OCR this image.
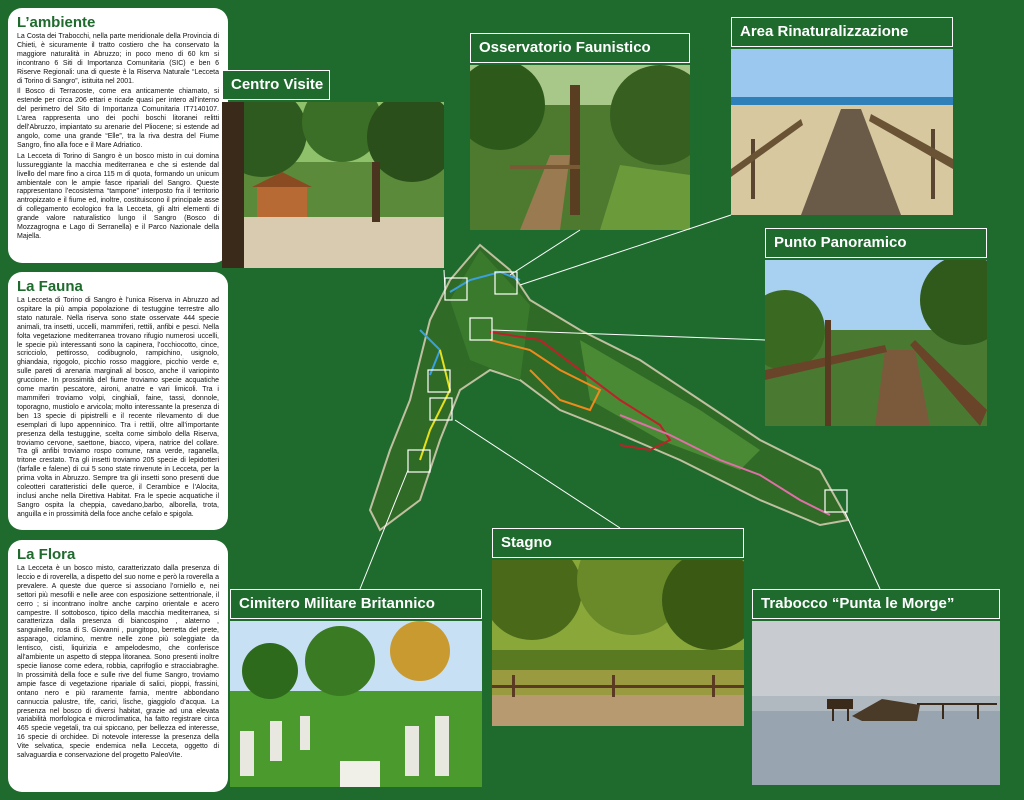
L’ambiente

La Costa dei Trabocchi, nella parte meridionale della Provincia di Chieti, è sicuramente il tratto costiero che ha conservato la maggiore naturalità in Abruzzo; in poco meno di 60 km si incontrano 6 Siti di Importanza Comunitaria (SIC) e ben 6 Riserve Regionali: una di queste è la Riserva Naturale “Lecceta di Torino di Sangro”, istituita nel 2001.

Il Bosco di Terracoste, come era anticamente chiamato, si estende per circa 206 ettari e ricade quasi per intero all’interno del perimetro del Sito di Importanza Comunitaria IT7140107. L’area rappresenta uno dei pochi boschi litoranei relitti dell’Abruzzo, impiantato su arenarie del Pliocene; si estende ad angolo, come una grande “Elle”, tra la riva destra del Fiume Sangro, fino alla foce e il Mare Adriatico.

La Lecceta di Torino di Sangro è un bosco misto in cui domina lussureggiante la macchia mediterranea e che si estende dal livello del mare fino a circa 115 m di quota, formando un unicum ambientale con le ampie fasce ripariali del Sangro. Queste rappresentano l’ecosistema “tampone” interposto fra il territorio antropizzato e il fiume ed, inoltre, costituiscono il principale asse di collegamento ecologico fra la Lecceta, gli altri elementi di grande valore naturalistico lungo il Sangro (Bosco di Mozzagrogna e Lago di Serranella) e il Parco Nazionale della Majella.

La Fauna

La Lecceta di Torino di Sangro è l’unica Riserva in Abruzzo ad ospitare la più ampia popolazione di testuggine terrestre allo stato naturale. Nella riserva sono state osservate 444 specie animali, tra insetti, uccelli, mammiferi, rettili, anfibi e pesci. Nella folta vegetazione mediterranea trovano rifugio numerosi uccelli, le specie più interessanti sono la capinera, l’occhiocotto, cince, scricciolo, pettirosso, codibugnolo, rampichino, usignolo, ghiandaia, rigogolo, picchio rosso maggiore, picchio verde e, sulle pareti di arenaria marginali al bosco, anche il variopinto gruccione. In prossimità del fiume troviamo specie acquatiche come martin pescatore, aironi, anatre e vari limicoli. Tra i mammiferi troviamo volpi, cinghiali, faine, tassi, donnole, toporagno, mustiolo e arvicola; molto interessante la presenza di ben 13 specie di pipistrelli e il recente rilevamento di due esemplari di lupo appenninico. Tra i rettili, oltre all’importante presenza della testuggine, scelta come simbolo della Riserva, troviamo cervone, saettone, biacco, vipera, natrice del collare. Tra gli anfibi troviamo rospo comune, rana verde, raganella, tritone crestato. Tra gli insetti troviamo 205 specie di lepidotteri (farfalle e falene) di cui 5 sono state rinvenute in Lecceta, per la prima volta in Abruzzo. Sempre tra gli insetti sono presenti due coleotteri caratteristici delle querce, il Cerambice e l’Alocita, inclusi anche nella Direttiva Habitat. Fra le specie acquatiche il Sangro ospita la cheppia, cavedano,barbo, alborella, trota, anguilla e in prossimità della foce anche cefalo e spigola.

La Flora

La Lecceta è un bosco misto, caratterizzato dalla presenza di leccio e di roverella, a dispetto del suo nome e però la roverella a prevalere. A queste due querce si associano l’orniello e, nei settori più mesofili e nelle aree con esposizione settentrionale, il cerro ; si incontrano inoltre anche carpino orientale e acero campestre. Il sottobosco, tipico della macchia mediterranea, si caratterizza dalla presenza di biancospino , alaterno , sanguinello, rosa di S. Giovanni , pungitopo, berretta del prete, asparago, ciclamino, mentre nelle zone più soleggiate da lentisco, cisti, liquirizia e ampelodesmo, che conferisce all’ambiente un aspetto di steppa litoranea. Sono presenti inoltre specie lianose come edera, robbia, caprifoglio e stracciabraghe. In prossimità della foce e sulle rive del fiume Sangro, troviamo ampie fasce di vegetazione ripariale di salici, pioppi, frassini, ontano nero e più raramente farnia, mentre abbondano cannuccia palustre, tife, carici, lische, giaggiolo d’acqua. La presenza nel bosco di diversi habitat, grazie ad una elevata variabilità morfologica e microclimatica, ha fatto registrare circa 465 specie vegetali, tra cui spiccano, per bellezza ed interesse, 16 specie di orchidee. Di notevole interesse la presenza della Vite selvatica, specie endemica nella Lecceta, oggetto di salvaguardia e conservazione del progetto PaleoVite.

Centro Visite
Osservatorio Faunistico
Area Rinaturalizzazione
Punto Panoramico
Stagno
Cimitero Militare Britannico	Trabocco “Punta le Morge”
